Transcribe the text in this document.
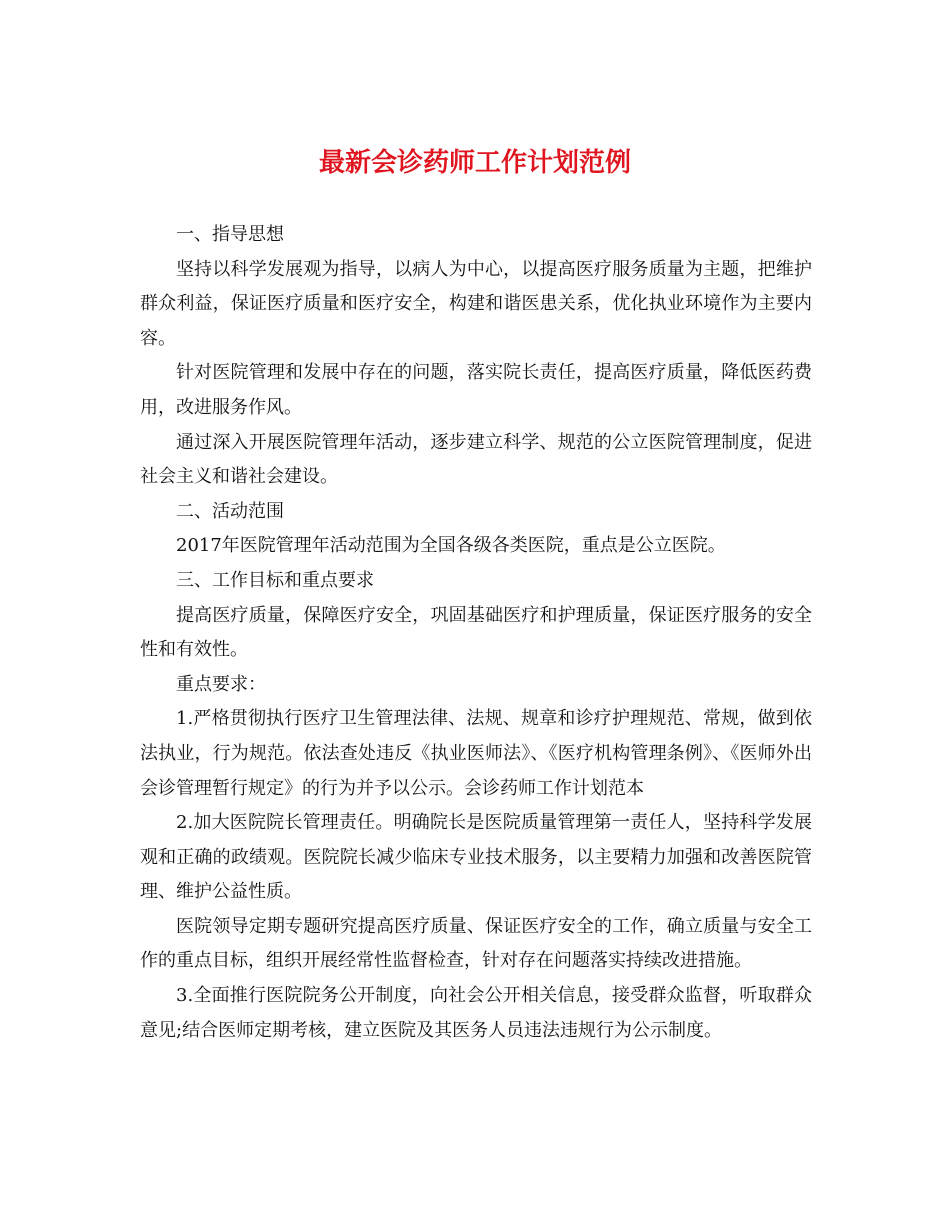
最新会诊药师工作计划范例

一、指导思想

坚持以科学发展观为指导，以病人为中心，以提高医疗服务质量为主题，把维护群众利益，保证医疗质量和医疗安全，构建和谐医患关系，优化执业环境作为主要内容。

针对医院管理和发展中存在的问题，落实院长责任，提高医疗质量，降低医药费用，改进服务作风。

通过深入开展医院管理年活动，逐步建立科学、规范的公立医院管理制度，促进社会主义和谐社会建设。

二、活动范围

2017年医院管理年活动范围为全国各级各类医院，重点是公立医院。

三、工作目标和重点要求

提高医疗质量，保障医疗安全，巩固基础医疗和护理质量，保证医疗服务的安全性和有效性。

重点要求：

1.严格贯彻执行医疗卫生管理法律、法规、规章和诊疗护理规范、常规，做到依法执业，行为规范。依法查处违反《执业医师法》、《医疗机构管理条例》、《医师外出会诊管理暂行规定》的行为并予以公示。会诊药师工作计划范本

2.加大医院院长管理责任。明确院长是医院质量管理第一责任人，坚持科学发展观和正确的政绩观。医院院长减少临床专业技术服务，以主要精力加强和改善医院管理、维护公益性质。

医院领导定期专题研究提高医疗质量、保证医疗安全的工作，确立质量与安全工作的重点目标，组织开展经常性监督检查，针对存在问题落实持续改进措施。

3.全面推行医院院务公开制度，向社会公开相关信息，接受群众监督，听取群众意见;结合医师定期考核，建立医院及其医务人员违法违规行为公示制度。
